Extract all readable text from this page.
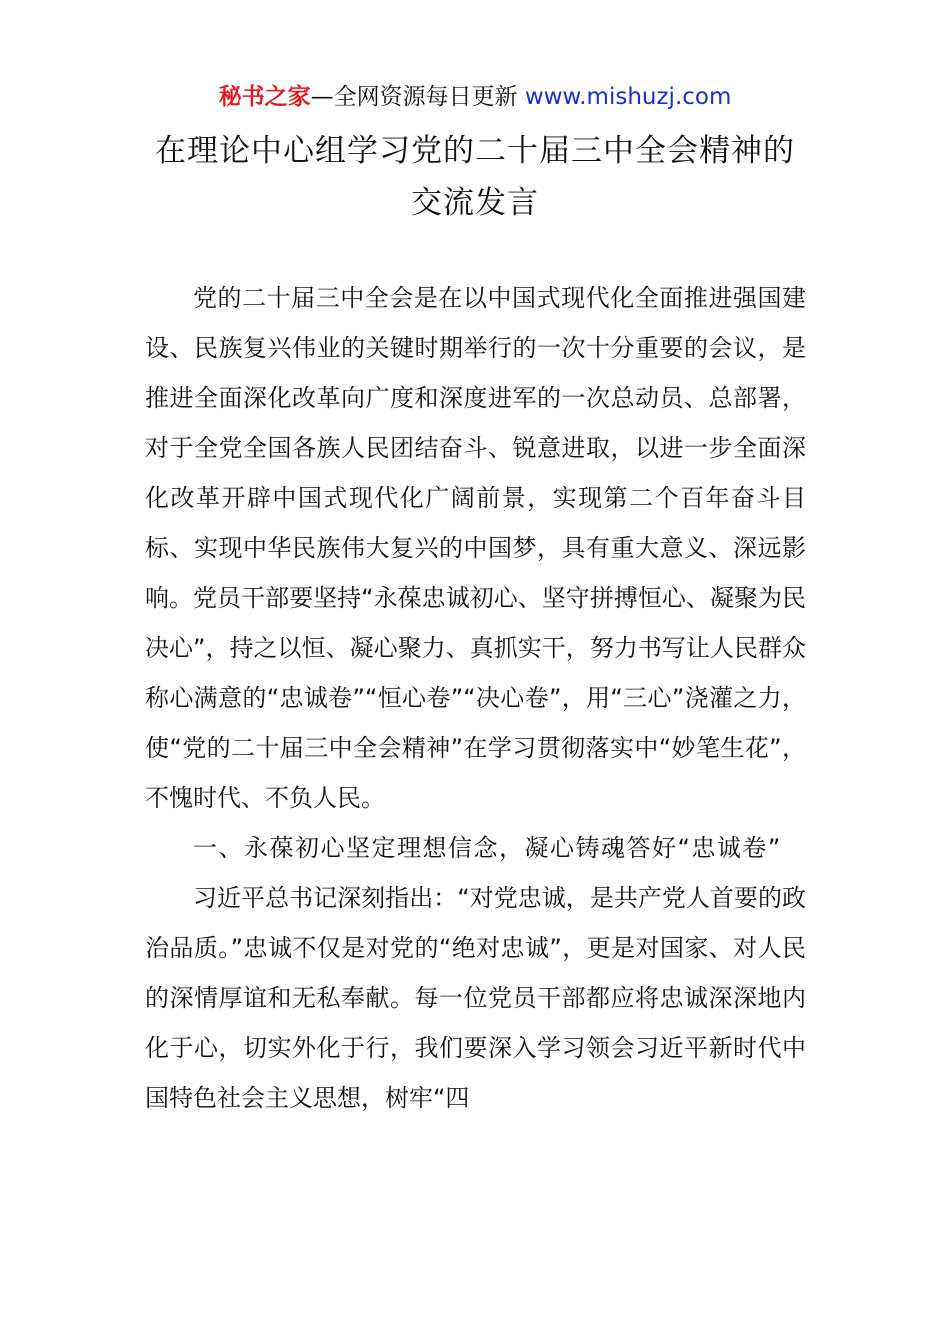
秘书之家—全网资源每日更新 www.mishuzj.com
在理论中心组学习党的二十届三中全会精神的
交流发言

党的二十届三中全会是在以中国式现代化全面推进强国建设、民族复兴伟业的关键时期举行的一次十分重要的会议，是推进全面深化改革向广度和深度进军的一次总动员、总部署，对于全党全国各族人民团结奋斗、锐意进取，以进一步全面深化改革开辟中国式现代化广阔前景，实现第二个百年奋斗目标、实现中华民族伟大复兴的中国梦，具有重大意义、深远影响。党员干部要坚持“永葆忠诚初心、坚守拼搏恒心、凝聚为民决心”，持之以恒、凝心聚力、真抓实干，努力书写让人民群众称心满意的“忠诚卷”“恒心卷”“决心卷”，用“三心”浇灌之力，使“党的二十届三中全会精神”在学习贯彻落实中“妙笔生花”，不愧时代、不负人民。

一、永葆初心坚定理想信念，凝心铸魂答好“忠诚卷”

习近平总书记深刻指出：“对党忠诚，是共产党人首要的政治品质。”忠诚不仅是对党的“绝对忠诚”，更是对国家、对人民的深情厚谊和无私奉献。每一位党员干部都应将忠诚深深地内化于心，切实外化于行，我们要深入学习领会习近平新时代中国特色社会主义思想，树牢“四
